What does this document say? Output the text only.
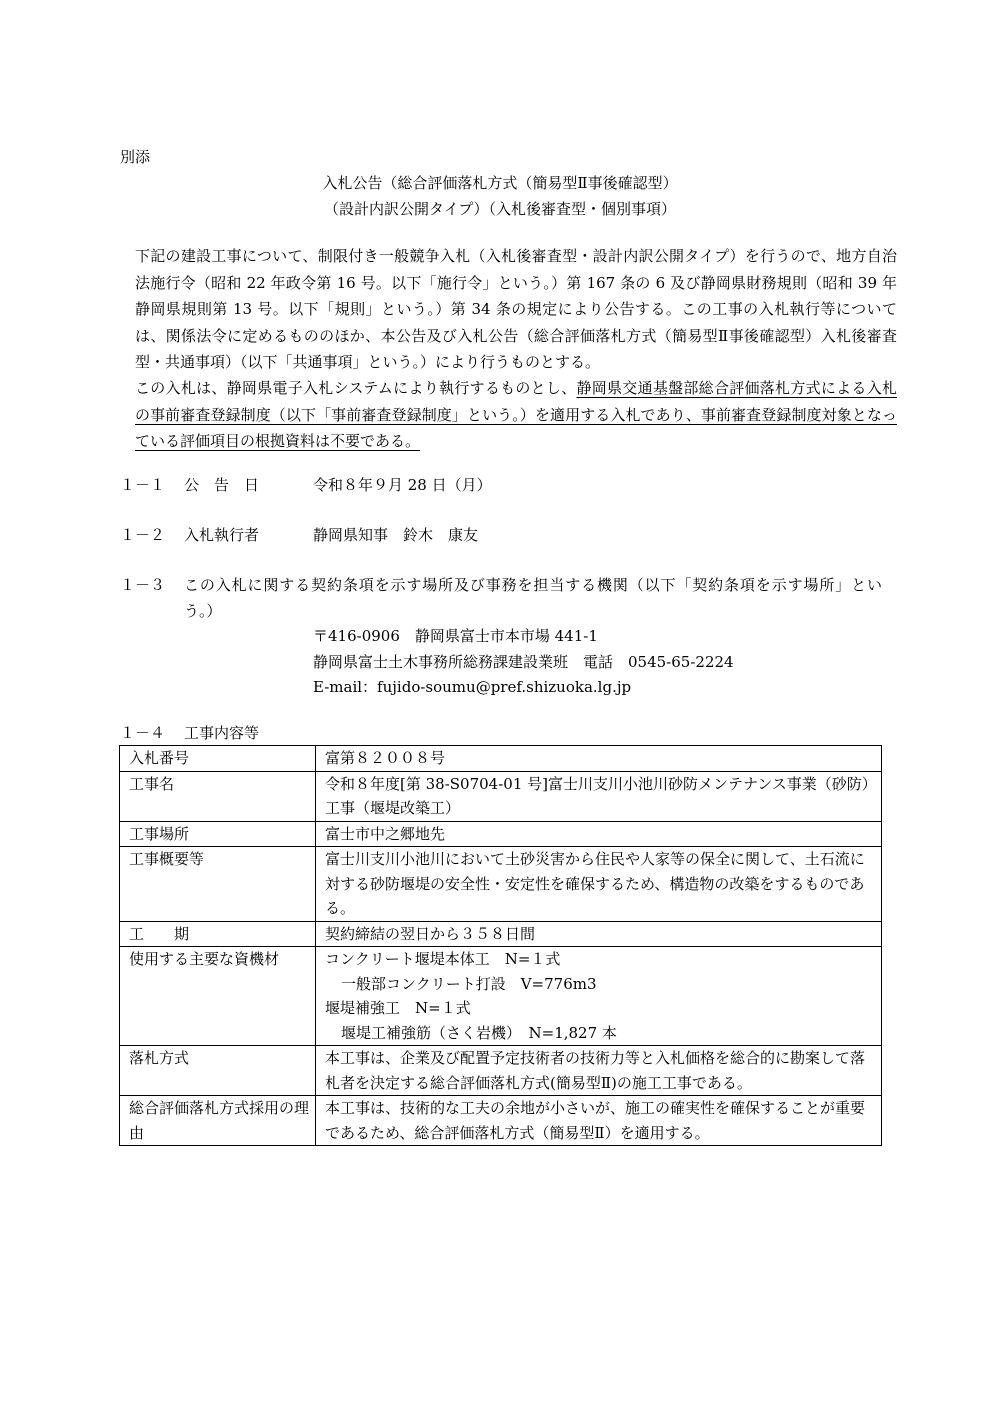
別添
入札公告（総合評価落札方式（簡易型Ⅱ事後確認型）
（設計内訳公開タイプ）（入札後審査型・個別事項）
下記の建設工事について、制限付き一般競争入札（入札後審査型・設計内訳公開タイプ）を行うので、地方自治法施行令（昭和 22 年政令第 16 号。以下「施行令」という。）第 167 条の 6 及び静岡県財務規則（昭和 39 年静岡県規則第 13 号。以下「規則」という。）第 34 条の規定により公告する。この工事の入札執行等については、関係法令に定めるもののほか、本公告及び入札公告（総合評価落札方式（簡易型Ⅱ事後確認型）入札後審査型・共通事項）（以下「共通事項」という。）により行うものとする。
この入札は、静岡県電子入札システムにより執行するものとし、静岡県交通基盤部総合評価落札方式による入札の事前審査登録制度（以下「事前審査登録制度」という。）を適用する入札であり、事前審査登録制度対象となっている評価項目の根拠資料は不要である。
１－１ 公　告　日	令和８年９月 28 日（月）
１－２ 入札執行者	静岡県知事　鈴木　康友
１－３ この入札に関する契約条項を示す場所及び事務を担当する機関（以下「契約条項を示す場所」とい
う。）
〒416-0906　静岡県富士市本市場 441-1
静岡県富士土木事務所総務課建設業班　電話　0545-65-2224
E-mail：fujido-soumu@pref.shizuoka.lg.jp
１－４ 工事内容等
入札番号	富第８２００８号
工事名	令和８年度[第 38-S0704-01 号]富士川支川小池川砂防メンテナンス事業（砂防）工事（堰堤改築工）
工事場所	富士市中之郷地先
工事概要等	富士川支川小池川において土砂災害から住民や人家等の保全に関して、土石流に対する砂防堰堤の安全性・安定性を確保するため、構造物の改築をするものである。
工　　期	契約締結の翌日から３５８日間
使用する主要な資機材	コンクリート堰堤本体工　N=１式
一般部コンクリート打設　V=776m3
堰堤補強工　N=１式
堰堤工補強筋（さく岩機）　N=1,827 本

落札方式	本工事は、企業及び配置予定技術者の技術力等と入札価格を総合的に勘案して落札者を決定する総合評価落札方式(簡易型Ⅱ)の施工工事である。
総合評価落札方式採用の理由	本工事は、技術的な工夫の余地が小さいが、施工の確実性を確保することが重要であるため、総合評価落札方式（簡易型Ⅱ）を適用する。
